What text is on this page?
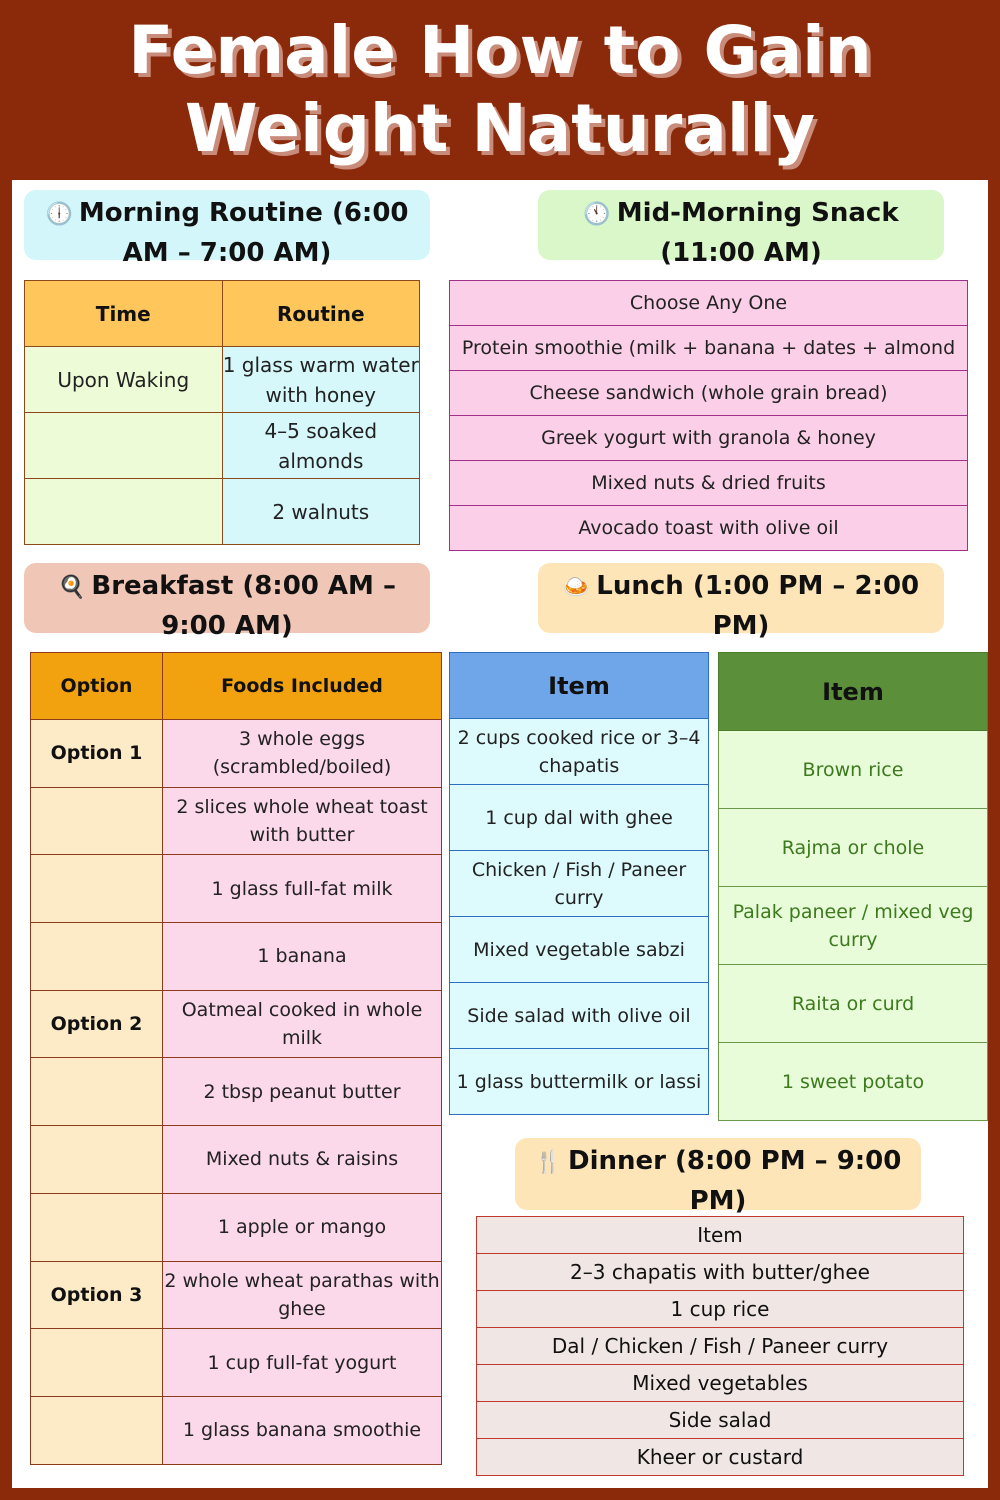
Female How to Gain
Weight Naturally
🕕 Morning Routine (6:00 AM – 7:00 AM)
🕚 Mid-Morning Snack (11:00 AM)
Time	Routine
Upon Waking	1 glass warm water with honey
	4–5 soaked almonds
	2 walnuts
Choose Any One
Protein smoothie (milk + banana + dates + almond
Cheese sandwich (whole grain bread)
Greek yogurt with granola & honey
Mixed nuts & dried fruits
Avocado toast with olive oil
🍳 Breakfast (8:00 AM – 9:00 AM)
🍛 Lunch (1:00 PM – 2:00 PM)
Option	Foods Included
Option 1	3 whole eggs (scrambled/boiled)
	2 slices whole wheat toast with butter
	1 glass full-fat milk
	1 banana
Option 2	Oatmeal cooked in whole milk
	2 tbsp peanut butter
	Mixed nuts & raisins
	1 apple or mango
Option 3	2 whole wheat parathas with ghee
	1 cup full-fat yogurt
	1 glass banana smoothie
Item
2 cups cooked rice or 3–4 chapatis
1 cup dal with ghee
Chicken / Fish / Paneer curry
Mixed vegetable sabzi
Side salad with olive oil
1 glass buttermilk or lassi
Item
Brown rice
Rajma or chole
Palak paneer / mixed veg curry
Raita or curd
1 sweet potato
🍴 Dinner (8:00 PM – 9:00 PM)
Item
2–3 chapatis with butter/ghee
1 cup rice
Dal / Chicken / Fish / Paneer curry
Mixed vegetables
Side salad
Kheer or custard
